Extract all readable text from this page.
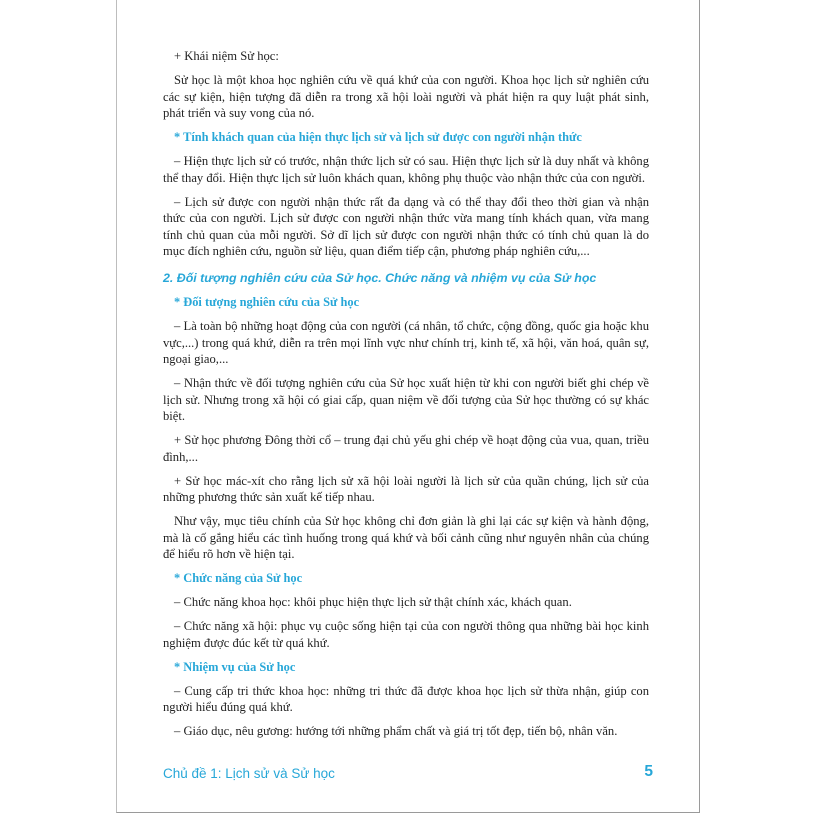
+ Khái niệm Sử học:

Sử học là một khoa học nghiên cứu về quá khứ của con người. Khoa học lịch sử nghiên cứu các sự kiện, hiện tượng đã diễn ra trong xã hội loài người và phát hiện ra quy luật phát sinh, phát triển và suy vong của nó.

* Tính khách quan của hiện thực lịch sử và lịch sử được con người nhận thức

– Hiện thực lịch sử có trước, nhận thức lịch sử có sau. Hiện thực lịch sử là duy nhất và không thể thay đổi. Hiện thực lịch sử luôn khách quan, không phụ thuộc vào nhận thức của con người.

– Lịch sử được con người nhận thức rất đa dạng và có thể thay đổi theo thời gian và nhận thức của con người. Lịch sử được con người nhận thức vừa mang tính khách quan, vừa mang tính chủ quan của mỗi người. Sở dĩ lịch sử được con người nhận thức có tính chủ quan là do mục đích nghiên cứu, nguồn sử liệu, quan điểm tiếp cận, phương pháp nghiên cứu,...

2. Đối tượng nghiên cứu của Sử học. Chức năng và nhiệm vụ của Sử học
* Đối tượng nghiên cứu của Sử học

– Là toàn bộ những hoạt động của con người (cá nhân, tổ chức, cộng đồng, quốc gia hoặc khu vực,...) trong quá khứ, diễn ra trên mọi lĩnh vực như chính trị, kinh tế, xã hội, văn hoá, quân sự, ngoại giao,...

– Nhận thức về đối tượng nghiên cứu của Sử học xuất hiện từ khi con người biết ghi chép về lịch sử. Nhưng trong xã hội có giai cấp, quan niệm về đối tượng của Sử học thường có sự khác biệt.

+ Sử học phương Đông thời cổ – trung đại chủ yếu ghi chép về hoạt động của vua, quan, triều đình,...

+ Sử học mác-xít cho rằng lịch sử xã hội loài người là lịch sử của quần chúng, lịch sử của những phương thức sản xuất kế tiếp nhau.

Như vậy, mục tiêu chính của Sử học không chỉ đơn giản là ghi lại các sự kiện và hành động, mà là cố gắng hiểu các tình huống trong quá khứ và bối cảnh cũng như nguyên nhân của chúng để hiểu rõ hơn về hiện tại.

* Chức năng của Sử học

– Chức năng khoa học: khôi phục hiện thực lịch sử thật chính xác, khách quan.

– Chức năng xã hội: phục vụ cuộc sống hiện tại của con người thông qua những bài học kinh nghiệm được đúc kết từ quá khứ.

* Nhiệm vụ của Sử học

– Cung cấp tri thức khoa học: những tri thức đã được khoa học lịch sử thừa nhận, giúp con người hiểu đúng quá khứ.

– Giáo dục, nêu gương: hướng tới những phẩm chất và giá trị tốt đẹp, tiến bộ, nhân văn.

Chủ đề 1: Lịch sử và Sử học	5
